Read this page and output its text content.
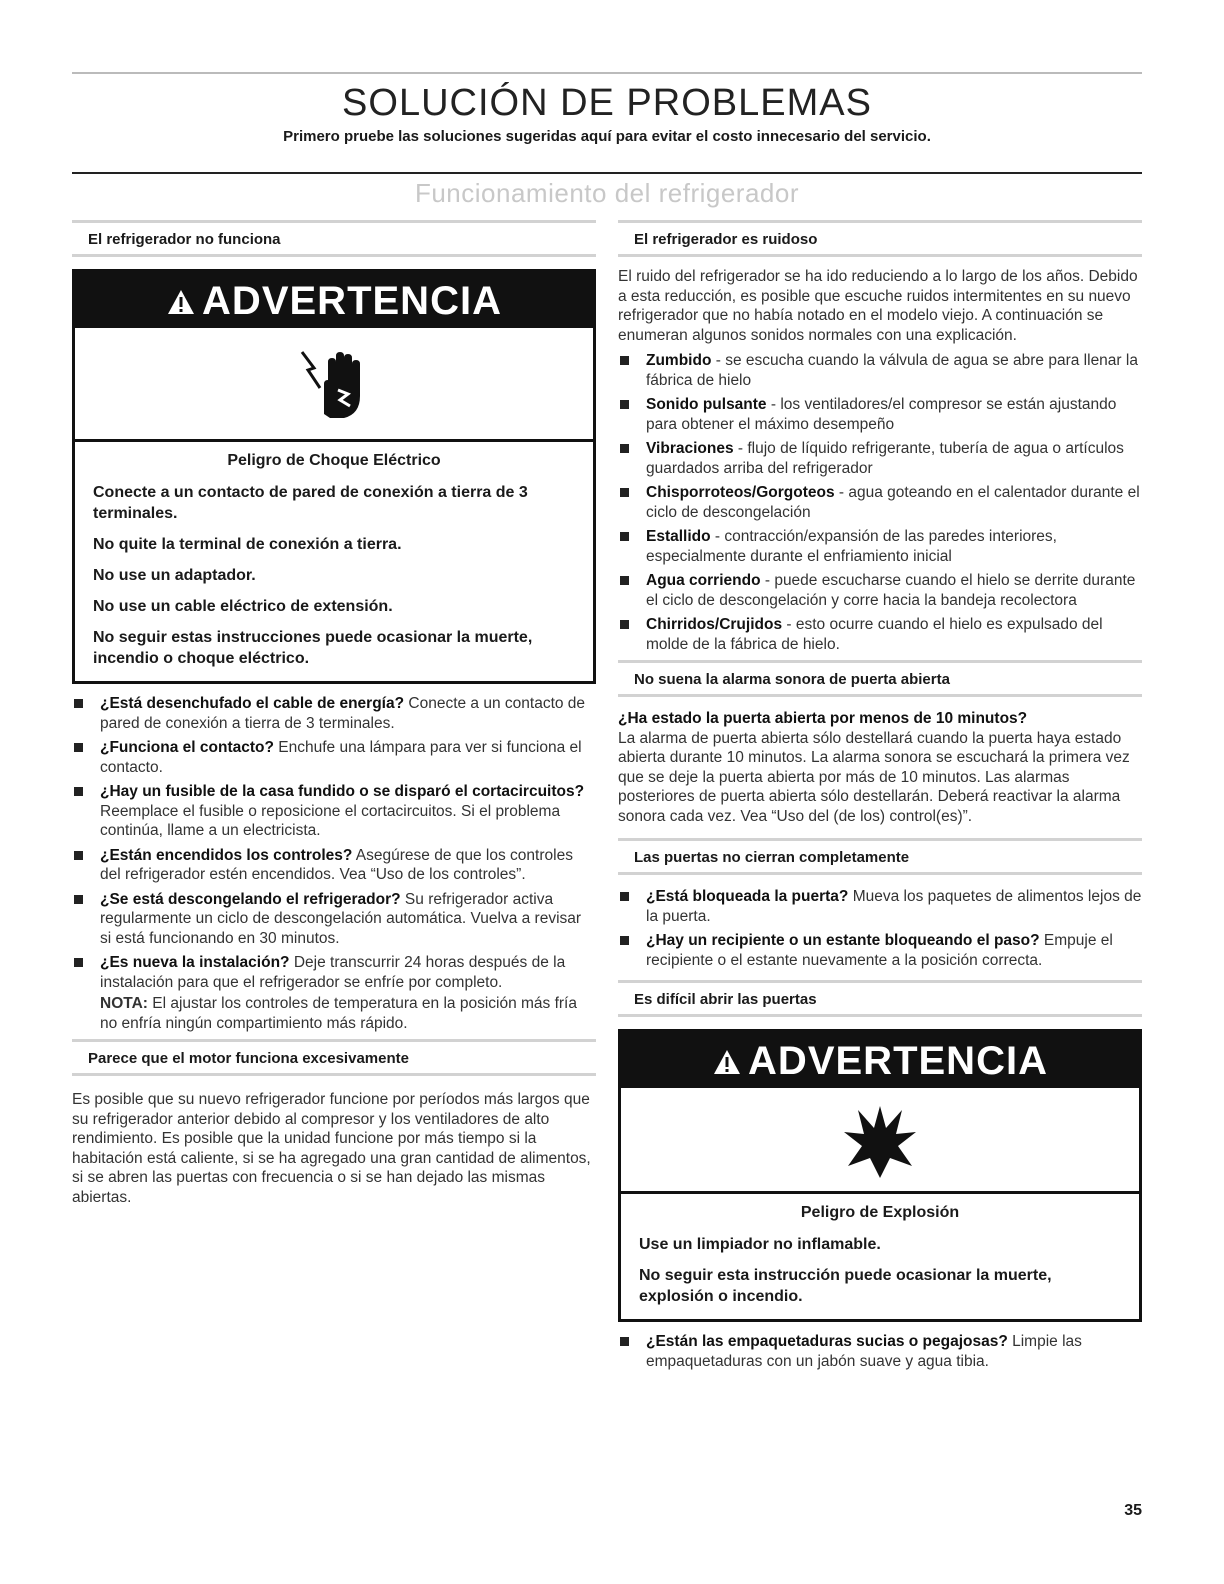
SOLUCIÓN DE PROBLEMAS
Primero pruebe las soluciones sugeridas aquí para evitar el costo innecesario del servicio.
Funcionamiento del refrigerador
El refrigerador no funciona
ADVERTENCIA
Peligro de Choque Eléctrico
Conecte a un contacto de pared de conexión a tierra de 3 terminales.
No quite la terminal de conexión a tierra.
No use un adaptador.
No use un cable eléctrico de extensión.
No seguir estas instrucciones puede ocasionar la muerte, incendio o choque eléctrico.
¿Está desenchufado el cable de energía? Conecte a un contacto de pared de conexión a tierra de 3 terminales.
¿Funciona el contacto? Enchufe una lámpara para ver si funciona el contacto.
¿Hay un fusible de la casa fundido o se disparó el cortacircuitos? Reemplace el fusible o reposicione el cortacircuitos. Si el problema continúa, llame a un electricista.
¿Están encendidos los controles? Asegúrese de que los controles del refrigerador estén encendidos. Vea “Uso de los controles”.
¿Se está descongelando el refrigerador? Su refrigerador activa regularmente un ciclo de descongelación automática. Vuelva a revisar si está funcionando en 30 minutos.
¿Es nueva la instalación? Deje transcurrir 24 horas después de la instalación para que el refrigerador se enfríe por completo.
NOTA: El ajustar los controles de temperatura en la posición más fría no enfría ningún compartimiento más rápido.
Parece que el motor funciona excesivamente

Es posible que su nuevo refrigerador funcione por períodos más largos que su refrigerador anterior debido al compresor y los ventiladores de alto rendimiento. Es posible que la unidad funcione por más tiempo si la habitación está caliente, si se ha agregado una gran cantidad de alimentos, si se abren las puertas con frecuencia o si se han dejado las mismas abiertas.

El refrigerador es ruidoso

El ruido del refrigerador se ha ido reduciendo a lo largo de los años. Debido a esta reducción, es posible que escuche ruidos intermitentes en su nuevo refrigerador que no había notado en el modelo viejo. A continuación se enumeran algunos sonidos normales con una explicación.

Zumbido - se escucha cuando la válvula de agua se abre para llenar la fábrica de hielo
Sonido pulsante - los ventiladores/el compresor se están ajustando para obtener el máximo desempeño
Vibraciones - flujo de líquido refrigerante, tubería de agua o artículos guardados arriba del refrigerador
Chisporroteos/Gorgoteos - agua goteando en el calentador durante el ciclo de descongelación
Estallido - contracción/expansión de las paredes interiores, especialmente durante el enfriamiento inicial
Agua corriendo - puede escucharse cuando el hielo se derrite durante el ciclo de descongelación y corre hacia la bandeja recolectora
Chirridos/Crujidos - esto ocurre cuando el hielo es expulsado del molde de la fábrica de hielo.
No suena la alarma sonora de puerta abierta

¿Ha estado la puerta abierta por menos de 10 minutos?

La alarma de puerta abierta sólo destellará cuando la puerta haya estado abierta durante 10 minutos. La alarma sonora se escuchará la primera vez que se deje la puerta abierta por más de 10 minutos. Las alarmas posteriores de puerta abierta sólo destellarán. Deberá reactivar la alarma sonora cada vez. Vea “Uso del (de los) control(es)”.

Las puertas no cierran completamente
¿Está bloqueada la puerta? Mueva los paquetes de alimentos lejos de la puerta.
¿Hay un recipiente o un estante bloqueando el paso? Empuje el recipiente o el estante nuevamente a la posición correcta.
Es difícil abrir las puertas
ADVERTENCIA
Peligro de Explosión
Use un limpiador no inflamable.
No seguir esta instrucción puede ocasionar la muerte, explosión o incendio.
¿Están las empaquetaduras sucias o pegajosas? Limpie las empaquetaduras con un jabón suave y agua tibia.
35
